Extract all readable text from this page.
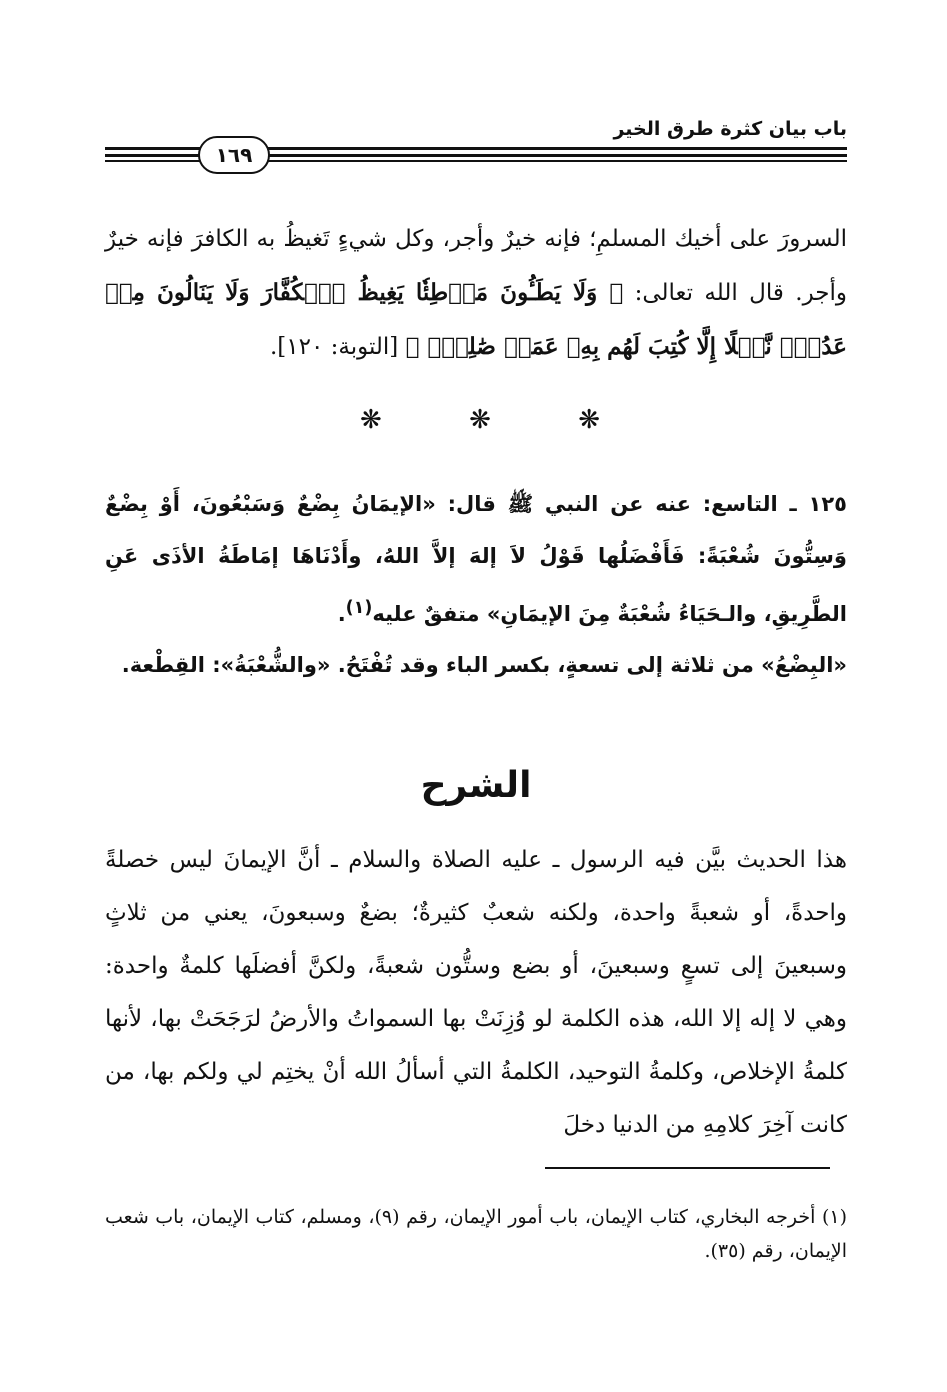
باب بيان كثرة طرق الخير
١٦٩

السرورَ على أخيك المسلمِ؛ فإنه خيرٌ وأجر، وكل شيءٍ تَغيظُ به الكافرَ فإنه خيرٌ وأجر. قال الله تعالى: ﴿ وَلَا يَطَـُٔونَ مَوۡطِئٗا يَغِيظُ ٱلۡكُفَّارَ وَلَا يَنَالُونَ مِنۡ عَدُوّٖ نَّيۡلًا إِلَّا كُتِبَ لَهُم بِهِۦ عَمَلٞ صَٰلِحٌۚ ﴾ [التوبة: ١٢٠].

❋	❋	❋

١٢٥ ـ التاسع: عنه عن النبي ﷺ قال: «الإيمَانُ بِضْعٌ وَسَبْعُونَ، أَوْ بِضْعٌ وَسِتُّونَ شُعْبَةً: فَأَفْضَلُها قَوْلُ لاَ إلهَ إلاَّ اللهُ، وأَدْنَاهَا إمَاطَةُ الأذَى عَنِ الطَّرِيقِ، والـحَيَاءُ شُعْبَةٌ مِنَ الإيمَانِ» متفقٌ عليه$^{(١)}$.

«البِضْعُ» من ثلاثة إلى تسعةٍ، بكسر الباء وقد تُفْتَحُ. «والشُّعْبَةُ»: القِطْعة.

الشرح

هذا الحديث بيَّن فيه الرسول ـ عليه الصلاة والسلام ـ أنَّ الإيمانَ ليس خصلةً واحدةً، أو شعبةً واحدة، ولكنه شعبٌ كثيرةٌ؛ بضعٌ وسبعونَ، يعني من ثلاثٍ وسبعينَ إلى تسعٍ وسبعينَ، أو بضع وستُّون شعبةً، ولكنَّ أفضلَها كلمةٌ واحدة: وهي لا إله إلا الله، هذه الكلمة لو وُزِنَتْ بها السمواتُ والأرضُ لرَجَحَتْ بها، لأنها كلمةُ الإخلاص، وكلمةُ التوحيد، الكلمةُ التي أسألُ الله أنْ يختِم لي ولكم بها، من كانت آخِرَ كلامِهِ من الدنيا دخلَ

(١) أخرجه البخاري، كتاب الإيمان، باب أمور الإيمان، رقم (٩)، ومسلم، كتاب الإيمان، باب شعب الإيمان، رقم (٣٥).
